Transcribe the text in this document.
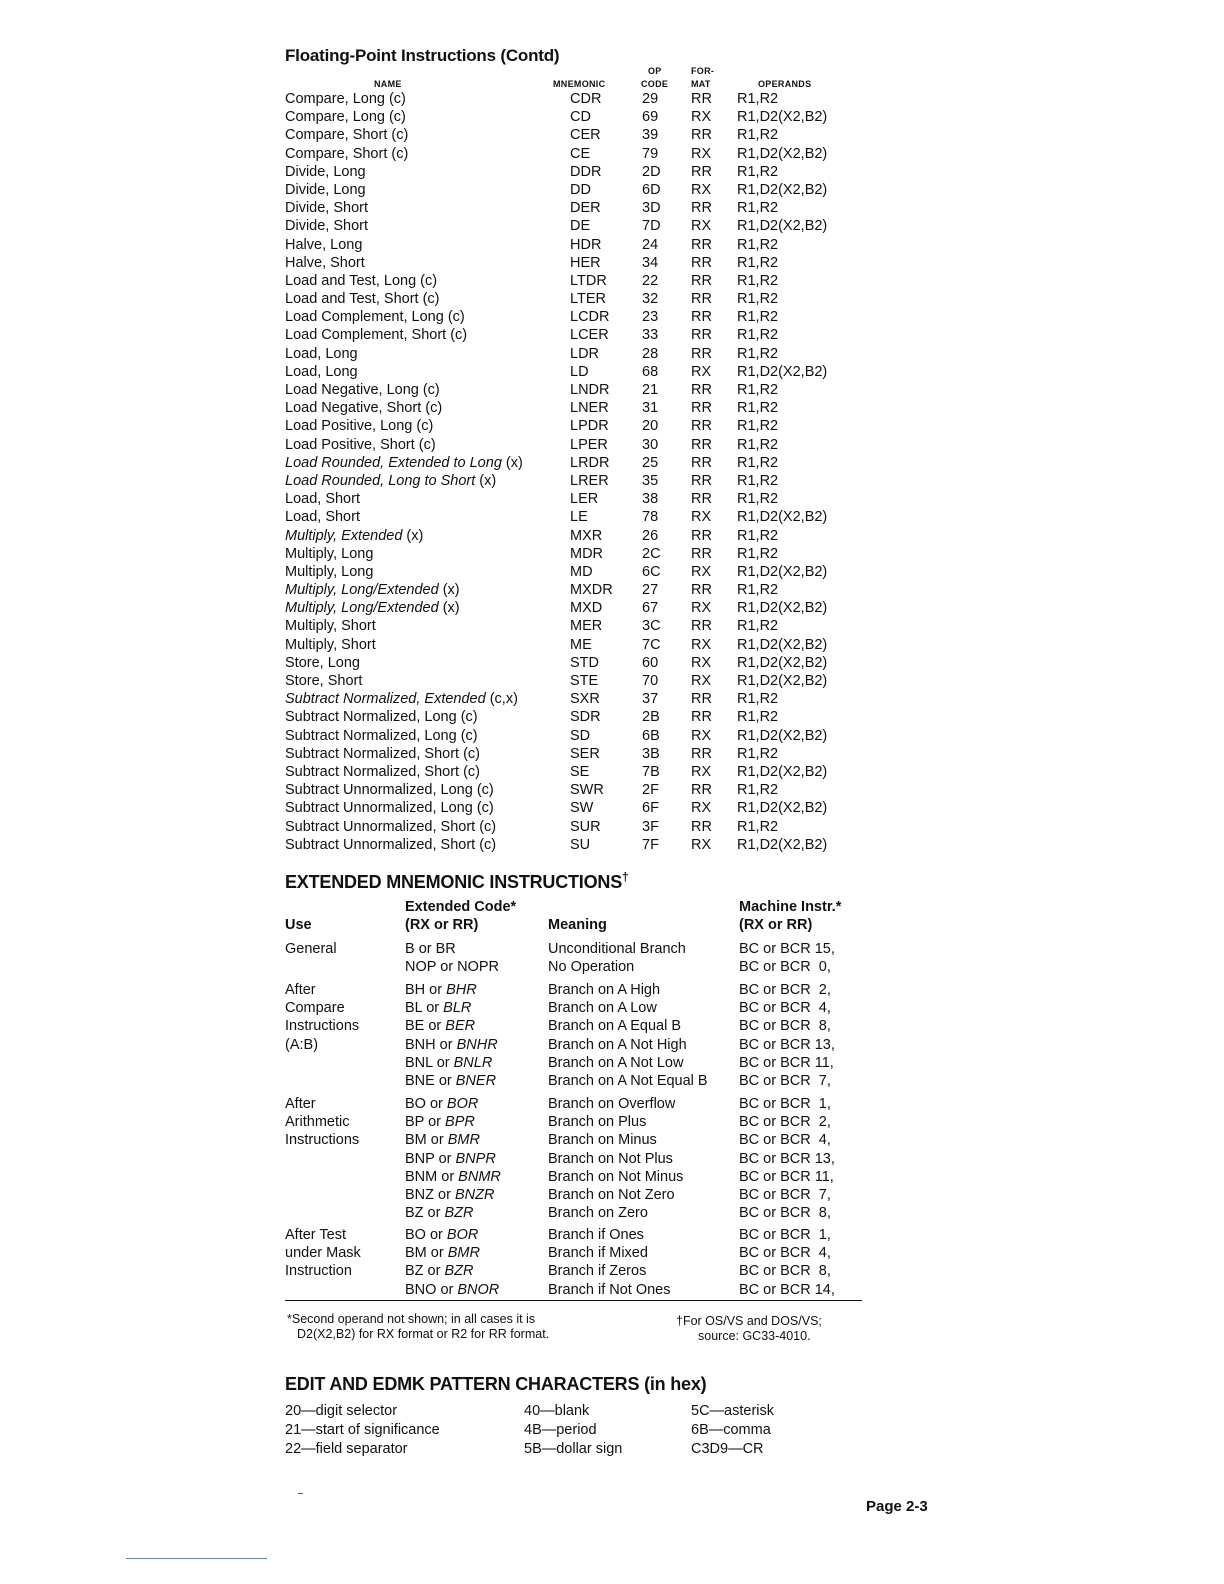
Floating-Point Instructions (Contd)
NAME	MNEMONIC
OP
CODE
FOR-
MAT	OPERANDS
Compare, Long (c)	CDR	29 RR R1,R2
Compare, Long (c)	CD	69 RX R1,D2(X2,B2)
Compare, Short (c)	CER	39 RR R1,R2
Compare, Short (c)	CE	79 RX R1,D2(X2,B2)
Divide, Long	DDR	2D RR R1,R2
Divide, Long	DD	6D RX R1,D2(X2,B2)
Divide, Short	DER	3D RR R1,R2
Divide, Short	DE	7D RX R1,D2(X2,B2)
Halve, Long	HDR	24 RR R1,R2
Halve, Short	HER	34 RR R1,R2
Load and Test, Long (c)	LTDR 22 RR R1,R2
Load and Test, Short (c)	LTER 32 RR R1,R2
Load Complement, Long (c)	LCDR 23 RR R1,R2
Load Complement, Short (c)	LCER 33 RR R1,R2
Load, Long	LDR	28 RR R1,R2
Load, Long	LD	68 RX R1,D2(X2,B2)
Load Negative, Long (c)	LNDR 21 RR R1,R2
Load Negative, Short (c)	LNER 31 RR R1,R2
Load Positive, Long (c)	LPDR 20 RR R1,R2
Load Positive, Short (c)	LPER 30 RR R1,R2
Load Rounded, Extended to Long (x)	LRDR 25 RR R1,R2
Load Rounded, Long to Short (x)	LRER 35 RR R1,R2
Load, Short	LER	38 RR R1,R2
Load, Short	LE	78 RX R1,D2(X2,B2)
Multiply, Extended (x)	MXR	26 RR R1,R2
Multiply, Long	MDR	2C RR R1,R2
Multiply, Long	MD	6C RX R1,D2(X2,B2)
Multiply, Long/Extended (x)	MXDR 27 RR R1,R2
Multiply, Long/Extended (x)	MXD	67 RX R1,D2(X2,B2)
Multiply, Short	MER	3C RR R1,R2
Multiply, Short	ME	7C RX R1,D2(X2,B2)
Store, Long	STD	60 RX R1,D2(X2,B2)
Store, Short	STE	70 RX R1,D2(X2,B2)
Subtract Normalized, Extended (c,x)	SXR	37 RR R1,R2
Subtract Normalized, Long (c)	SDR	2B RR R1,R2
Subtract Normalized, Long (c)	SD	6B RX R1,D2(X2,B2)
Subtract Normalized, Short (c)	SER	3B RR R1,R2
Subtract Normalized, Short (c)	SE	7B RX R1,D2(X2,B2)
Subtract Unnormalized, Long (c)	SWR	2F RR R1,R2
Subtract Unnormalized, Long (c)	SW	6F RX R1,D2(X2,B2)
Subtract Unnormalized, Short (c)	SUR	3F RR R1,R2
Subtract Unnormalized, Short (c)	SU	7F RX R1,D2(X2,B2)
EXTENDED MNEMONIC INSTRUCTIONS†
Extended Code*
Use	(RX or RR)	Meaning
Machine Instr.*
(RX or RR)
General	B or BR	Unconditional Branch	BC or BCR 15,
NOP or NOPR	No Operation	BC or BCR  0,
After	BH or BHR	Branch on A High	BC or BCR  2,
Compare	BL or BLR	Branch on A Low	BC or BCR  4,
Instructions	BE or BER	Branch on A Equal B	BC or BCR  8,
(A:B)	BNH or BNHR	Branch on A Not High	BC or BCR 13,
BNL or BNLR	Branch on A Not Low	BC or BCR 11,
BNE or BNER	Branch on A Not Equal B BC or BCR  7,
After	BO or BOR	Branch on Overflow	BC or BCR  1,
Arithmetic	BP or BPR	Branch on Plus	BC or BCR  2,
Instructions	BM or BMR	Branch on Minus	BC or BCR  4,
BNP or BNPR	Branch on Not Plus	BC or BCR 13,
BNM or BNMR	Branch on Not Minus	BC or BCR 11,
BNZ or BNZR	Branch on Not Zero	BC or BCR  7,
BZ or BZR	Branch on Zero	BC or BCR  8,
After Test	BO or BOR	Branch if Ones	BC or BCR  1,
under Mask	BM or BMR	Branch if Mixed	BC or BCR  4,
Instruction	BZ or BZR	Branch if Zeros	BC or BCR  8,
BNO or BNOR	Branch if Not Ones	BC or BCR 14,
*Second operand not shown; in all cases it is
D2(X2,B2) for RX format or R2 for RR format.
†For OS/VS and DOS/VS;
source: GC33-4010.
EDIT AND EDMK PATTERN CHARACTERS (in hex)
20—digit selector	40—blank	5C—asterisk
21—start of significance	4B—period	6B—comma
22—field separator	5B—dollar sign	C3D9—CR
Page 2-3
